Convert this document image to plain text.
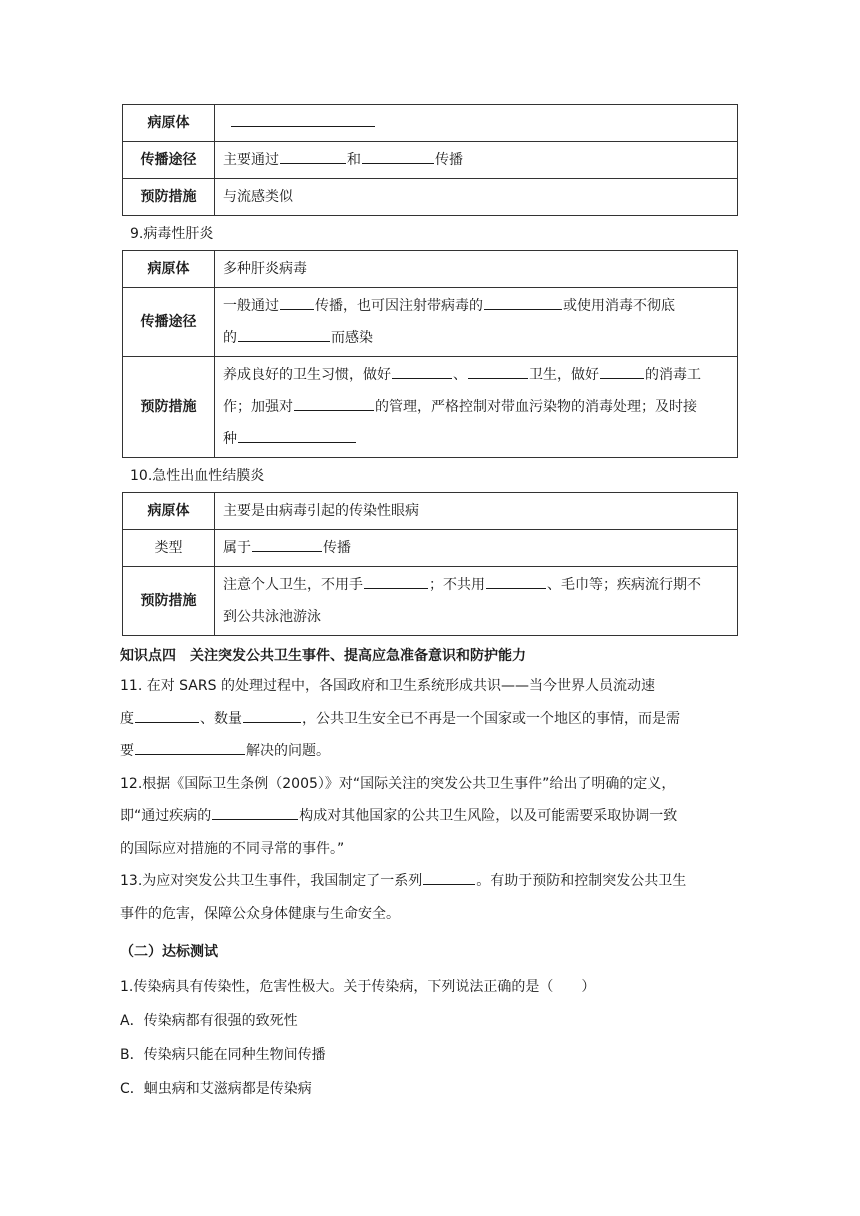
病原体	
传播途径	主要通过 和 传播
预防措施	与流感类似
9.病毒性肝炎
病原体	多种肝炎病毒
传播途径	一般通过 传播，也可因注射带病毒的 或使用消毒不彻底
的 而感染
预防措施	养成良好的卫生习惯，做好 、 卫生，做好 的消毒工
作；加强对 的管理，严格控制对带血污染物的消毒处理；及时接
种
10.急性出血性结膜炎
病原体	主要是由病毒引起的传染性眼病
类型	属于 传播
预防措施	注意个人卫生，不用手 ；不共用 、毛巾等；疾病流行期不
到公共泳池游泳
知识点四　关注突发公共卫生事件、提高应急准备意识和防护能力

11. 在对 SARS 的处理过程中，各国政府和卫生系统形成共识——当今世界人员流动速
度	、数量	，公共卫生安全已不再是一个国家或一个地区的事情，而是需
要	解决的问题。

12.根据《国际卫生条例（2005）》对“国际关注的突发公共卫生事件”给出了明确的定义，
即“通过疾病的	构成对其他国家的公共卫生风险，以及可能需要采取协调一致
的国际应对措施的不同寻常的事件。”

13.为应对突发公共卫生事件，我国制定了一系列	。有助于预防和控制突发公共卫生
事件的危害，保障公众身体健康与生命安全。

（二）达标测试

1.传染病具有传染性，危害性极大。关于传染病，下列说法正确的是（　　）

A．传染病都有很强的致死性

B．传染病只能在同种生物间传播

C．蛔虫病和艾滋病都是传染病
